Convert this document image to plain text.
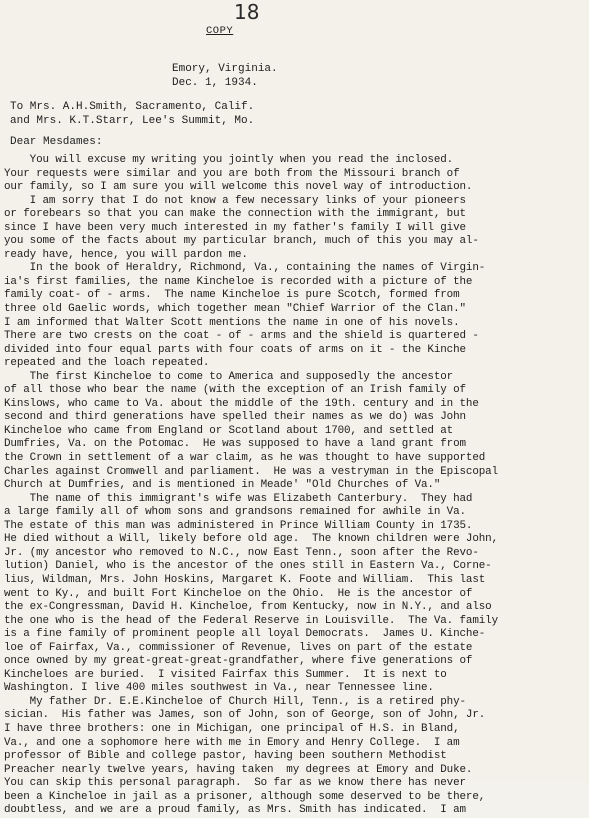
18
COPY
Emory, Virginia.
Dec. 1, 1934.
To Mrs. A.H.Smith, Sacramento, Calif.
and Mrs. K.T.Starr, Lee's Summit, Mo.
Dear Mesdames:
You will excuse my writing you jointly when you read the inclosed.
Your requests were similar and you are both from the Missouri branch of
our family, so I am sure you will welcome this novel way of introduction.
I am sorry that I do not know a few necessary links of your pioneers
or forebears so that you can make the connection with the immigrant, but
since I have been very much interested in my father's family I will give
you some of the facts about my particular branch, much of this you may al-
ready have, hence, you will pardon me.
In the book of Heraldry, Richmond, Va., containing the names of Virgin-
ia's first families, the name Kincheloe is recorded with a picture of the
family coat- of - arms.  The name Kincheloe is pure Scotch, formed from
three old Gaelic words, which together mean "Chief Warrior of the Clan."
I am informed that Walter Scott mentions the name in one of his novels.
There are two crests on the coat - of - arms and the shield is quartered -
divided into four equal parts with four coats of arms on it - the Kinche
repeated and the loach repeated.
The first Kincheloe to come to America and supposedly the ancestor
of all those who bear the name (with the exception of an Irish family of
Kinslows, who came to Va. about the middle of the 19th. century and in the
second and third generations have spelled their names as we do) was John
Kincheloe who came from England or Scotland about 1700, and settled at
Dumfries, Va. on the Potomac.  He was supposed to have a land grant from
the Crown in settlement of a war claim, as he was thought to have supported
Charles against Cromwell and parliament.  He was a vestryman in the Episcopal
Church at Dumfries, and is mentioned in Meade' "Old Churches of Va."
The name of this immigrant's wife was Elizabeth Canterbury.  They had
a large family all of whom sons and grandsons remained for awhile in Va.
The estate of this man was administered in Prince William County in 1735.
He died without a Will, likely before old age.  The known children were John,
Jr. (my ancestor who removed to N.C., now East Tenn., soon after the Revo-
lution) Daniel, who is the ancestor of the ones still in Eastern Va., Corne-
lius, Wildman, Mrs. John Hoskins, Margaret K. Foote and William.  This last
went to Ky., and built Fort Kincheloe on the Ohio.  He is the ancestor of
the ex-Congressman, David H. Kincheloe, from Kentucky, now in N.Y., and also
the one who is the head of the Federal Reserve in Louisville.  The Va. family
is a fine family of prominent people all loyal Democrats.  James U. Kinche-
loe of Fairfax, Va., commissioner of Revenue, lives on part of the estate
once owned by my great-great-great-grandfather, where five generations of
Kincheloes are buried.  I visited Fairfax this Summer.  It is next to
Washington. I live 400 miles southwest in Va., near Tennessee line.
My father Dr. E.E.Kincheloe of Church Hill, Tenn., is a retired phy-
sician.  His father was James, son of John, son of George, son of John, Jr.
I have three brothers: one in Michigan, one principal of H.S. in Bland,
Va., and one a sophomore here with me in Emory and Henry College.  I am
professor of Bible and college pastor, having been southern Methodist
Preacher nearly twelve years, having taken  my degrees at Emory and Duke.
You can skip this personal paragraph.  So far as we know there has never
been a Kincheloe in jail as a prisoner, although some deserved to be there,
doubtless, and we are a proud family, as Mrs. Smith has indicated.  I am
